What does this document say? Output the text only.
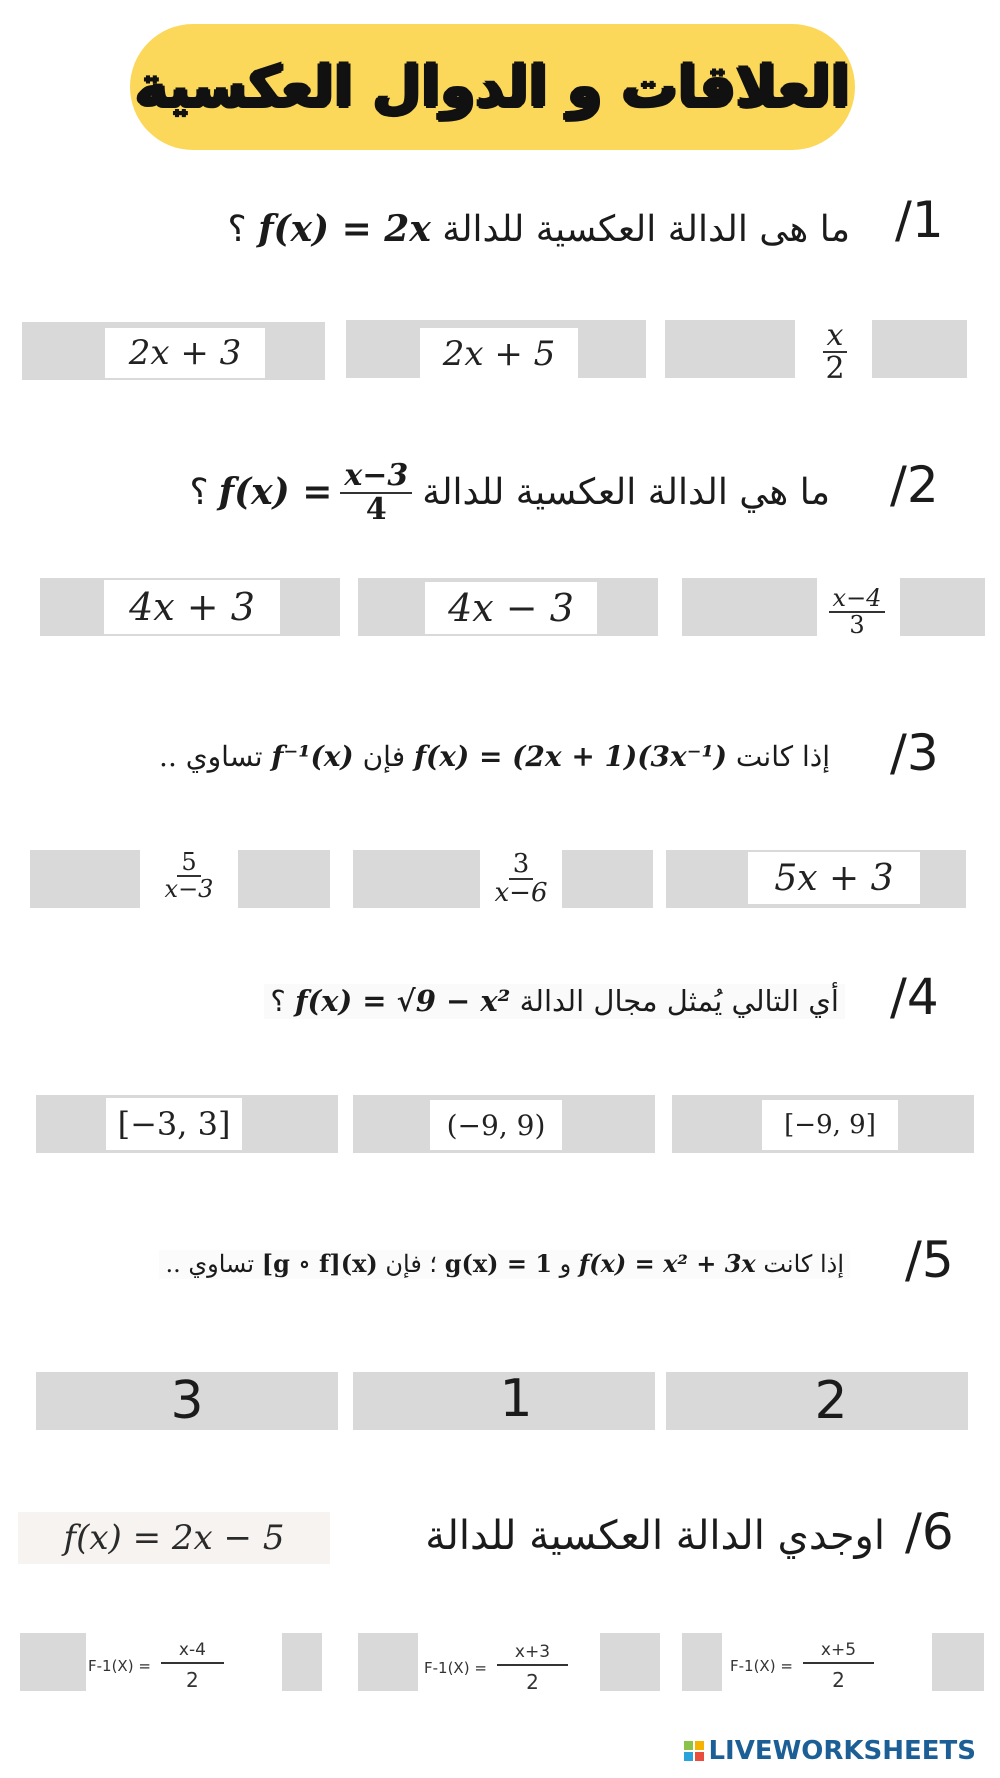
العلاقات و الدوال العكسية
/1
ما هى الدالة العكسية للدالة f(x) = 2x ؟
2x + 3	2x + 5	$\frac{x}{2}$
/2
ما هي الدالة العكسية للدالة
$f(x) = \frac{x-3}{4}$
؟
4x + 3	4x − 3	$\frac{x-4}{3}$
/3
إذا كانت f(x) = (2x + 1)(3x⁻¹) فإن f⁻¹(x) تساوي ..
$\frac{5}{x-3}$	$\frac{3}{x-6}$	5x + 3
/4
أي التالي يُمثل مجال الدالة f(x) = √9 − x² ؟
[−3, 3]	(−9, 9)	[−9, 9]
/5
إذا كانت f(x) = x² + 3x و g(x) = 1 ؛ فإن [g ∘ f](x) تساوي ..
3	1	2
/6
اوجدي الدالة العكسية للدالة
f(x) = 2x − 5
F-1(X) =
x-4
2	F-1(X) =
x+3
2
F-1(X) =
x+5
2
LIVEWORKSHEETS
